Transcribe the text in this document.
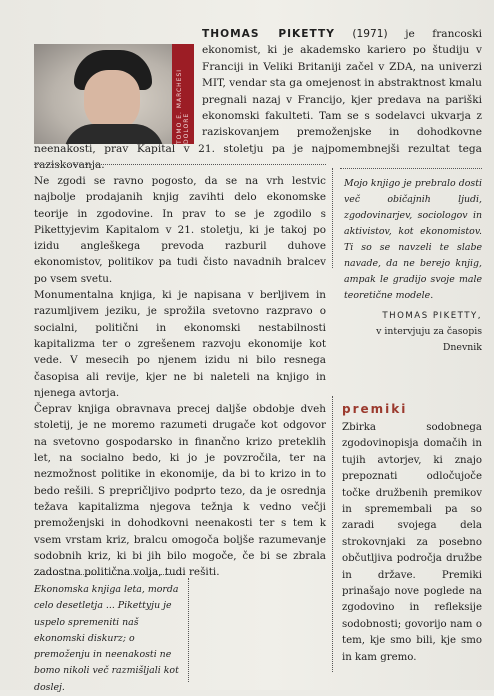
TOMO E. MARCHESI DOLORE
THOMAS PIKETTY (1971) je francoski ekonomist, ki je akademsko kariero po študiju v Franciji in Veliki Britaniji začel v ZDA, na univerzi MIT, vendar sta ga omejenost in abstraktnost kmalu pregnali nazaj v Francijo, kjer predava na pariški ekonomski fakulteti. Tam se s sodelavci ukvarja z raziskovanjem premoženjske in dohodkovne neenakosti, prav Kapital v 21. stoletju pa je najpomembnejši rezultat tega raziskovanja.

Ne zgodi se ravno pogosto, da se na vrh lestvic najbolje prodajanih knjig zavihti delo ekonomske teorije in zgodovine. In prav to se je zgodilo s Pikettyjevim Kapitalom v 21. stoletju, ki je takoj po izidu angleškega prevoda razburil duhove ekonomistov, politikov pa tudi čisto navadnih bralcev po vsem svetu.

Monumentalna knjiga, ki je napisana v berljivem in razumljivem jeziku, je sprožila svetovno razpravo o socialni, politični in ekonomski nestabilnosti kapitalizma ter o zgrešenem razvoju ekonomije kot vede. V mesecih po njenem izidu ni bilo resnega časopisa ali revije, kjer ne bi naleteli na knjigo in njenega avtorja.

Čeprav knjiga obravnava precej daljše obdobje dveh stoletij, je ne moremo razumeti drugače kot odgovor na svetovno gospodarsko in finančno krizo preteklih let, na socialno bedo, ki jo je povzročila, ter na nezmožnost politike in ekonomije, da bi to krizo in to bedo rešili. S prepričljivo podprto tezo, da je osrednja težava kapitalizma njegova težnja k vedno večji premoženjski in dohodkovni neenakosti ter s tem k vsem vrstam kriz, bralcu omogoča boljše razumevanje sodobnih kriz, ki bi jih bilo mogoče, če bi se zbrala zadostna politična volja, tudi rešiti.

Mojo knjigo je prebralo dosti več običajnih ljudi, zgodovinarjev, sociologov in aktivistov, kot ekonomistov. Ti so se navzeli te slabe navade, da ne berejo knjig, ampak le gradijo svoje male teoretične modele.
THOMAS PIKETTY,
v intervjuju za časopis Dnevnik
premiki
Zbirka sodobnega zgodovinopisja domačih in tujih avtorjev, ki znajo prepoznati odločujoče točke družbenih premikov in spremembali pa so zaradi svojega dela strokovnjaki za posebno občutljiva področja družbe in države. Premiki prinašajo nove poglede na zgodovino in refleksije sodobnosti; govorijo nam o tem, kje smo bili, kje smo in kam gremo.
Ekonomska knjiga leta, morda celo desetletja ... Pikettyju je uspelo spremeniti naš ekonomski diskurz; o premoženju in neenakosti ne bomo nikoli več razmišljali kot doslej.
